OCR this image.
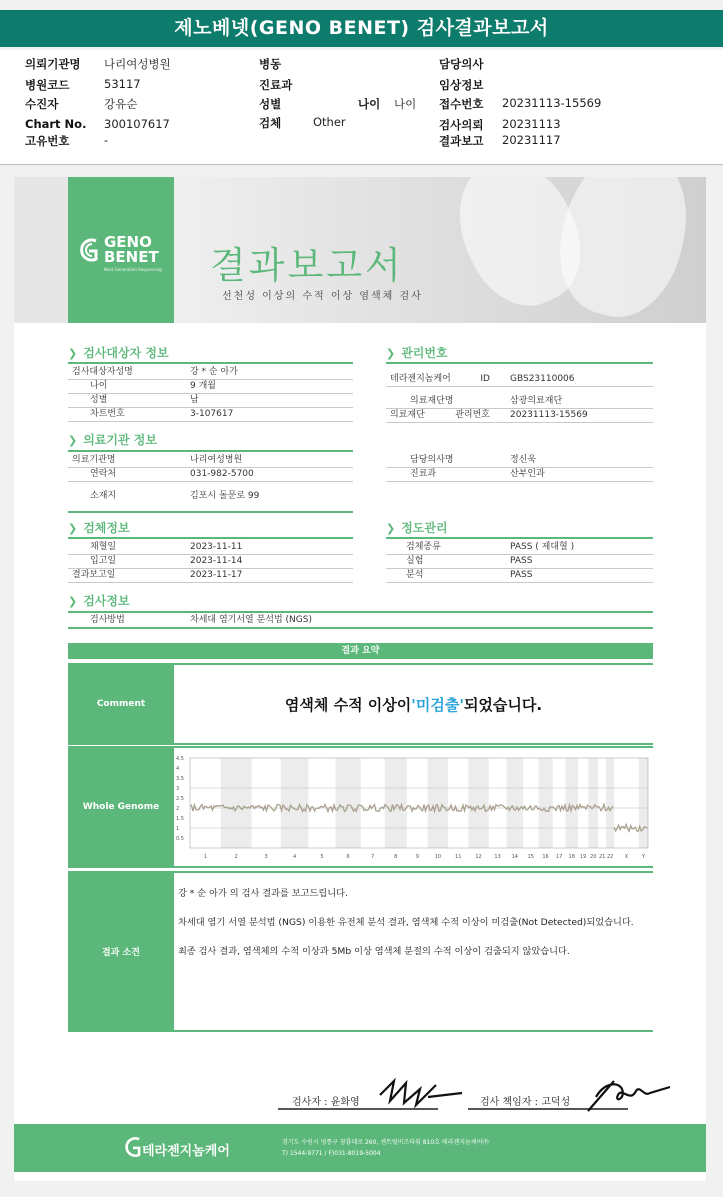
제노베넷(GENO BENET) 검사결과보고서
의뢰기관명 나리여성병원
병원코드	53117
수진자	강유순
Chart No. 300107617
고유번호	-
병동
진료과
성별	나이 나이
검체	Other
담당의사
임상정보
접수번호 20231113-15569
검사의뢰 20231113
결과보고 20231117
GENO
BENET
Next Generation Sequencing 결과보고서
선천성 이상의 수적 이상 염색체 검사
❯ 검사대상자 정보
검사대상자성명	강 * 순 아가
나이	9 개월
성별	남
차트번호	3-107617
❯ 관리번호
테라젠지놈케어 ID GBS23110006
의료재단명	삼광의료재단
의료재단 관리번호 20231113-15569
❯ 의료기관 정보
의료기관명	나리여성병원
연락처	031-982-5700
소재지	김포시 돌문로 99
담당의사명	정신욱
진료과	산부인과
❯ 검체정보
채혈일	2023-11-11
입고일	2023-11-14
결과보고일	2023-11-17
❯ 정도관리
검체종류	PASS ( 제대혈 )
실험	PASS
분석	PASS
❯ 검사정보
검사방법	차세대 염기서열 분석법 (NGS)
결과 요약
Comment	염색체 수적 이상이 '미검출' 되었습니다.
Whole Genome
1	2	3	4	5	6	7	8	9	10	11	12	13 14 15 16 17 18 19 20 21 22 X	Y
4.5
4
3.5
3
2.5
2
1.5
1
0.5
결과 소견

강 * 순 아가 의 검사 결과를 보고드립니다.

차세대 염기 서열 분석법 (NGS) 이용한 유전체 분석 결과, 염색체 수적 이상이 미검출(Not Detected)되었습니다.

최종 검사 결과, 염색체의 수적 이상과 5Mb 이상 염색체 분절의 수적 이상이 검출되지 않았습니다.

검사자 : 윤화영	검사 책임자 : 고덕성
테라젠지놈케어
경기도 수원시 영통구 창룡대로 260, 센트럴비즈타워 810호 테라젠지놈케어㈜
T) 1544-9771 / F)031-8019-5004
